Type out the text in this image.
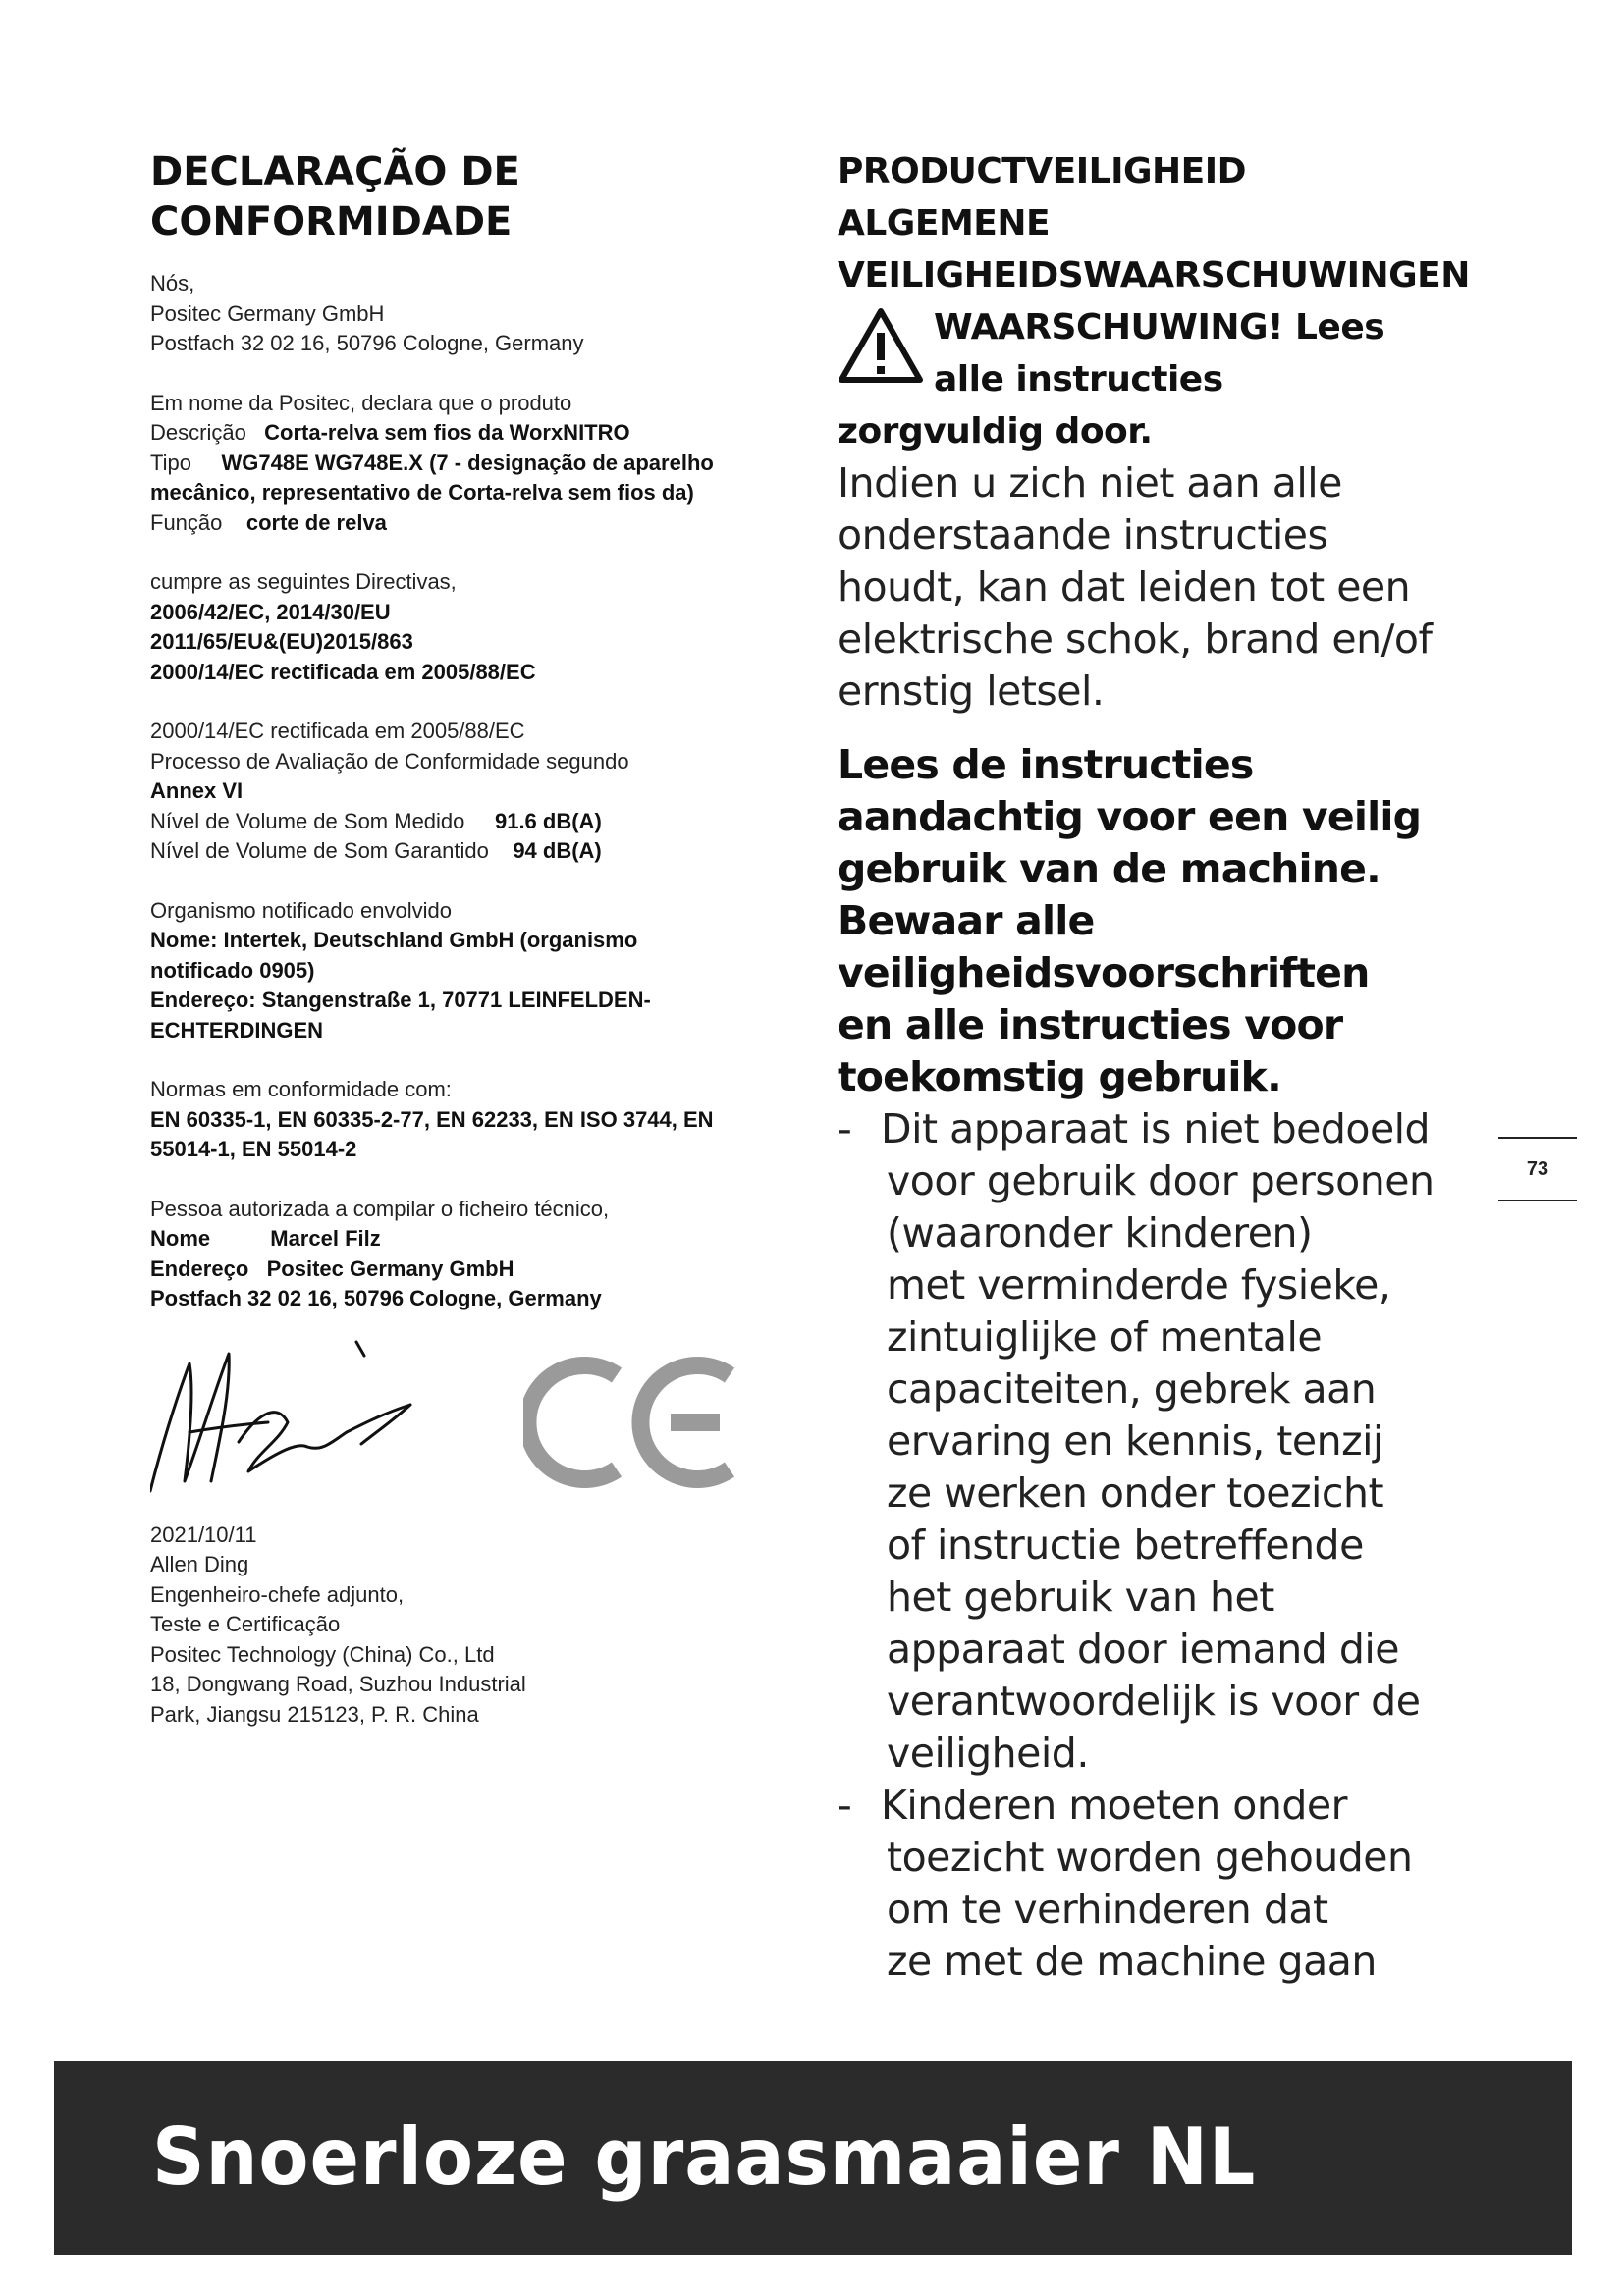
DECLARAÇÃO DE
CONFORMIDADE
Nós,
Positec Germany GmbH
Postfach 32 02 16, 50796 Cologne, Germany
Em nome da Positec, declara que o produto
Descrição Corta-relva sem fios da WorxNITRO
Tipo WG748E WG748E.X (7 - designação de aparelho
mecânico, representativo de Corta-relva sem fios da)
Função corte de relva
cumpre as seguintes Directivas,
2006/42/EC, 2014/30/EU
2011/65/EU&(EU)2015/863
2000/14/EC rectificada em 2005/88/EC
2000/14/EC rectificada em 2005/88/EC
Processo de Avaliação de Conformidade segundo
Annex VI
Nível de Volume de Som Medido 91.6 dB(A)
Nível de Volume de Som Garantido 94 dB(A)
Organismo notificado envolvido
Nome: Intertek, Deutschland GmbH (organismo
notificado 0905)
Endereço: Stangenstraße 1, 70771 LEINFELDEN-
ECHTERDINGEN
Normas em conformidade com:
EN 60335-1, EN 60335-2-77, EN 62233, EN ISO 3744, EN
55014-1, EN 55014-2
Pessoa autorizada a compilar o ficheiro técnico,
Nome	Marcel Filz
Endereço Positec Germany GmbH
Postfach 32 02 16, 50796 Cologne, Germany
2021/10/11
Allen Ding
Engenheiro-chefe adjunto,
Teste e Certificação
Positec Technology (China) Co., Ltd
18, Dongwang Road, Suzhou Industrial
Park, Jiangsu 215123, P. R. China
PRODUCTVEILIGHEID
ALGEMENE
VEILIGHEIDSWAARSCHUWINGEN
WAARSCHUWING! Lees
alle instructies
zorgvuldig door.
Indien u zich niet aan alle
onderstaande instructies
houdt, kan dat leiden tot een
elektrische schok, brand en/of
ernstig letsel.
Lees de instructies
aandachtig voor een veilig
gebruik van de machine.
Bewaar alle
veiligheidsvoorschriften
en alle instructies voor
toekomstig gebruik.
- Dit apparaat is niet bedoeld
voor gebruik door personen
(waaronder kinderen)
met verminderde fysieke,
zintuiglijke of mentale
capaciteiten, gebrek aan
ervaring en kennis, tenzij
ze werken onder toezicht
of instructie betreffende
het gebruik van het
apparaat door iemand die
verantwoordelijk is voor de
veiligheid.
- Kinderen moeten onder
toezicht worden gehouden
om te verhinderen dat
ze met de machine gaan
73
Snoerloze graasmaaier NL
